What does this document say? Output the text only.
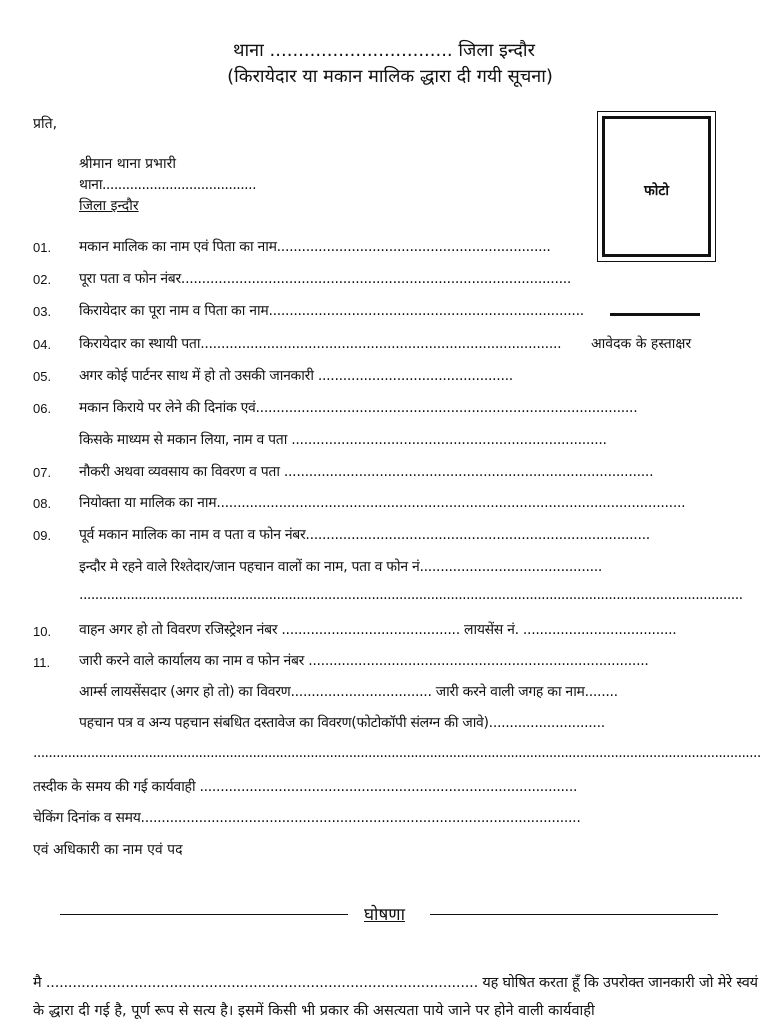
थाना ................................ जिला इन्दौर
(किरायेदार या मकान मालिक द्धारा दी गयी सूचना)
प्रति,
श्रीमान थाना प्रभारी
थाना.......................................
जिला इन्दौर
फोटो
आवेदक के हस्ताक्षर
01. मकान मालिक का नाम एवं पिता का नाम..................................................................
02. पूरा पता व फोन नंबर..............................................................................................
03. किरायेदार का पूरा नाम व पिता का नाम............................................................................
04. किरायेदार का स्थायी पता.......................................................................................
05. अगर कोई पार्टनर साथ में हो तो उसकी जानकारी ...............................................
06. मकान किराये पर लेने की दिनांक एवं............................................................................................
किसके माध्यम से मकान लिया, नाम व पता ............................................................................
07. नौकरी अथवा व्यवसाय का विवरण व पता .........................................................................................
08. नियोक्ता या मालिक का नाम.................................................................................................................
09. पूर्व मकान मालिक का नाम व पता व फोन नंबर...................................................................................
इन्दौर मे रहने वाले रिश्तेदार/जान पहचान वालों का नाम, पता व फोन नं............................................
........................................................................................................................................................................
10. वाहन अगर हो तो विवरण रजिस्ट्रेशन नंबर ........................................... लायसेंस नं. .....................................
11. जारी करने वाले कार्यालय का नाम व फोन नंबर ..................................................................................
आर्म्स लायसेंसदार (अगर हो तो) का विवरण.................................. जारी करने वाली जगह का नाम........
पहचान पत्र व अन्य पहचान संबधित दस्तावेज का विवरण(फोटोकॉपी संलग्न की जावे)............................
.............................................................................................................................................................................................
तस्दीक के समय की गई कार्यवाही ...........................................................................................
चेकिंग दिनांक व समय..........................................................................................................
एवं अधिकारी का नाम एवं पद
घोषणा
मै .................................................................................................. यह घोषित करता हूँ कि उपरोक्त जानकारी जो मेरे स्वयं
के द्धारा दी गई है, पूर्ण रूप से सत्य है। इसमें किसी भी प्रकार की असत्यता पाये जाने पर होने वाली कार्यवाही
